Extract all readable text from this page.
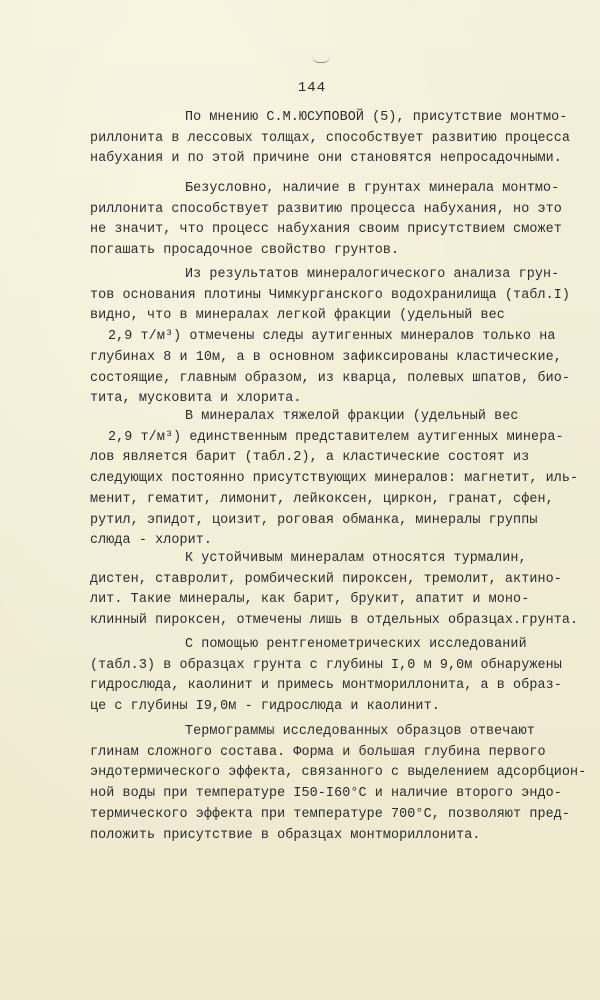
144
По мнению С.М.ЮСУПОВОЙ (5), присутствие монтмо-
риллонита в лессовых толщах, способствует развитию процесса
набухания и по этой причине они становятся непросадочными.
Безусловно, наличие в грунтах минерала монтмо-
риллонита способствует развитию процесса набухания, но это
не значит, что процесс набухания своим присутствием сможет
погашать просадочное свойство грунтов.
Из результатов минералогического анализа грун-
тов основания плотины Чимкурганского водохранилища (табл.I)
видно, что в минералах легкой фракции (удельный вес
2,9 т/м³) отмечены следы аутигенных минералов только на
глубинах 8 и 10м, а в основном зафиксированы кластические,
состоящие, главным образом, из кварца, полевых шпатов, био-
тита, мусковита и хлорита.
В минералах тяжелой фракции (удельный вес
2,9 т/м³) единственным представителем аутигенных минера-
лов является барит (табл.2), а кластические состоят из
следующих постоянно присутствующих минералов: магнетит, иль-
менит, гематит, лимонит, лейкоксен, циркон, гранат, сфен,
рутил, эпидот, цоизит, роговая обманка, минералы группы
слюда - хлорит.
К устойчивым минералам относятся турмалин,
дистен, ставролит, ромбический пироксен, тремолит, актино-
лит. Такие минералы, как барит, брукит, апатит и моно-
клинный пироксен, отмечены лишь в отдельных образцах.грунта.
С помощью рентгенометрических исследований
(табл.3) в образцах грунта с глубины I,0 м 9,0м обнаружены
гидрослюда, каолинит и примесь монтмориллонита, а в образ-
це с глубины I9,0м - гидрослюда и каолинит.
Термограммы исследованных образцов отвечают
глинам сложного состава. Форма и большая глубина первого
эндотермического эффекта, связанного с выделением адсорбцион-
ной воды при температуре I50-I60°С и наличие второго эндо-
термического эффекта при температуре 700°С, позволяют пред-
положить присутствие в образцах монтмориллонита.
